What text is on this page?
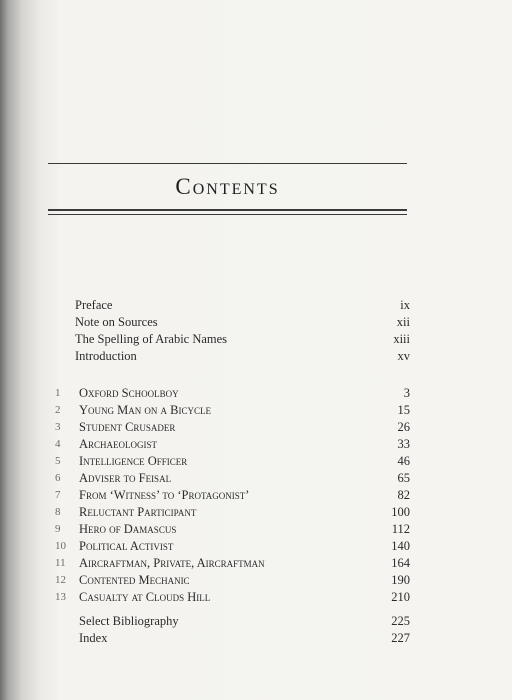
Contents
Preface	ix
Note on Sources	xii
The Spelling of Arabic Names	xiii
Introduction	xv
1	Oxford Schoolboy	3
2	Young Man on a Bicycle	15
3	Student Crusader	26
4	Archaeologist	33
5	Intelligence Officer	46
6	Adviser to Feisal	65
7	From ‘Witness’ to ‘Protagonist’	82
8	Reluctant Participant	100
9	Hero of Damascus	112
10 Political Activist	140
11 Aircraftman, Private, Aircraftman	164
12 Contented Mechanic	190
13 Casualty at Clouds Hill	210
Select Bibliography	225
Index	227
